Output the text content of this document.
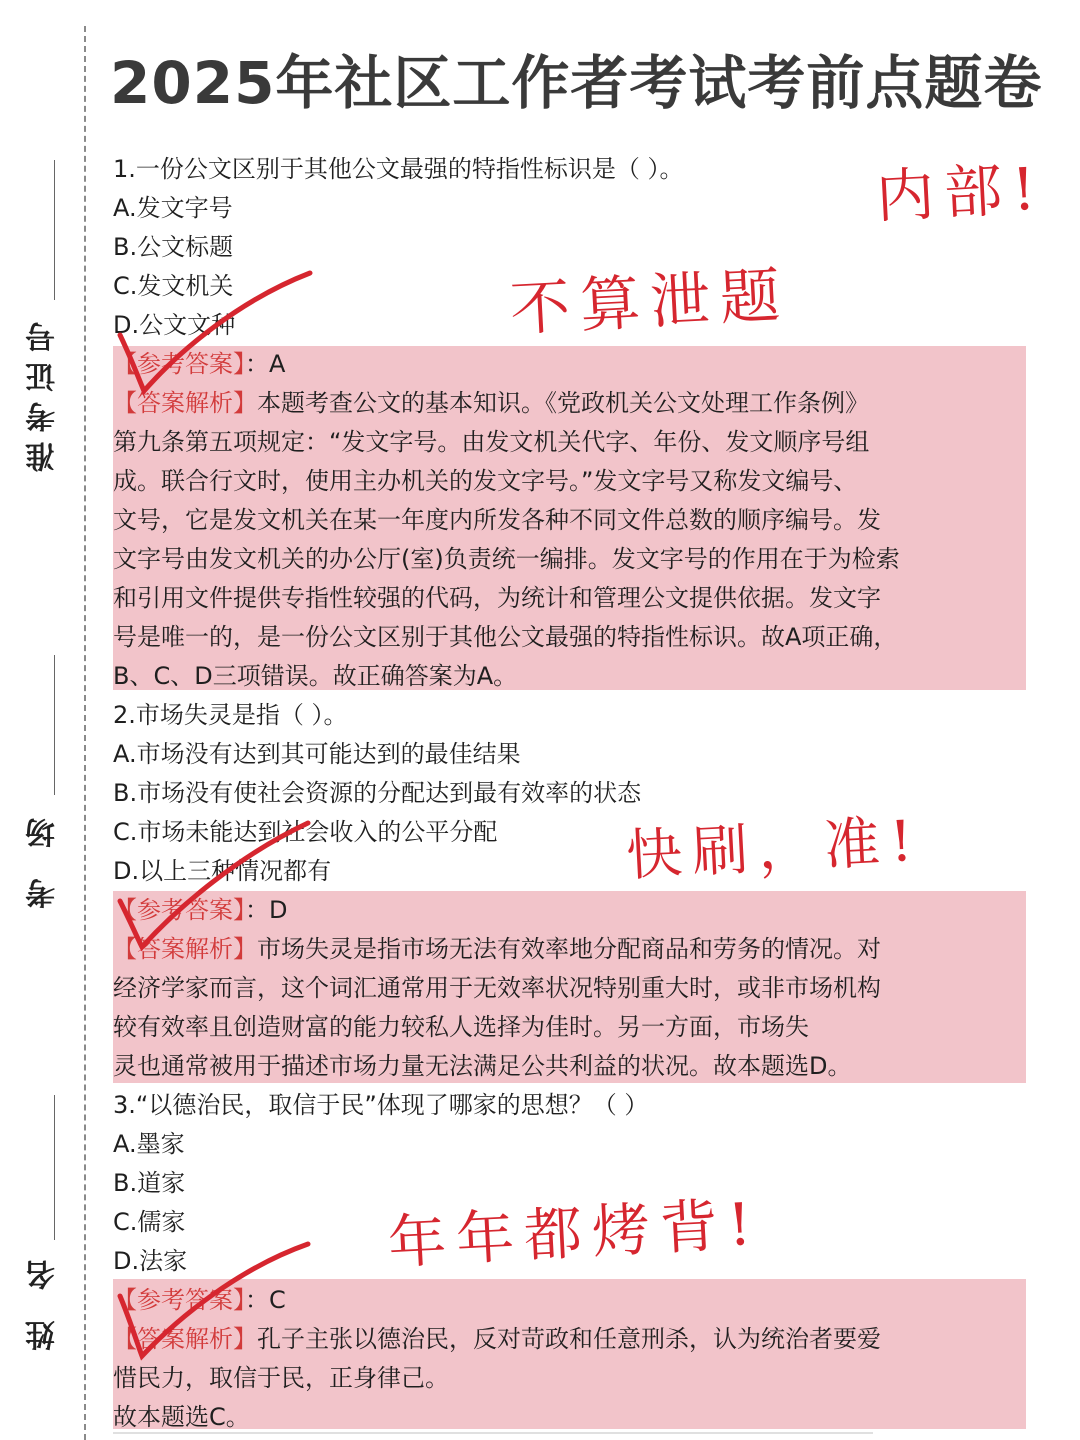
准考证号
考 场
姓 名
2025年社区工作者考试考前点题卷
1.一份公文区别于其他公文最强的特指性标识是（ ）。
A.发文字号
B.公文标题
C.发文机关
D.公文文种
【参考答案】：A
【答案解析】本题考查公文的基本知识。《党政机关公文处理工作条例》
第九条第五项规定：“发文字号。由发文机关代字、年份、发文顺序号组
成。联合行文时，使用主办机关的发文字号。”发文字号又称发文编号、
文号，它是发文机关在某一年度内所发各种不同文件总数的顺序编号。发
文字号由发文机关的办公厅(室)负责统一编排。发文字号的作用在于为检索
和引用文件提供专指性较强的代码，为统计和管理公文提供依据。发文字
号是唯一的，是一份公文区别于其他公文最强的特指性标识。故A项正确，
B、C、D三项错误。故正确答案为A。
2.市场失灵是指（ ）。
A.市场没有达到其可能达到的最佳结果
B.市场没有使社会资源的分配达到最有效率的状态
C.市场未能达到社会收入的公平分配
D.以上三种情况都有
【参考答案】：D
【答案解析】市场失灵是指市场无法有效率地分配商品和劳务的情况。对
经济学家而言，这个词汇通常用于无效率状况特别重大时，或非市场机构
较有效率且创造财富的能力较私人选择为佳时。另一方面，市场失
灵也通常被用于描述市场力量无法满足公共利益的状况。故本题选D。
3.“以德治民，取信于民”体现了哪家的思想？（ ）
A.墨家
B.道家
C.儒家
D.法家
【参考答案】：C
【答案解析】孔子主张以德治民，反对苛政和任意刑杀，认为统治者要爱
惜民力，取信于民，正身律己。
故本题选C。
内部!
不算泄题
快刷，准!
年年都烤背!
